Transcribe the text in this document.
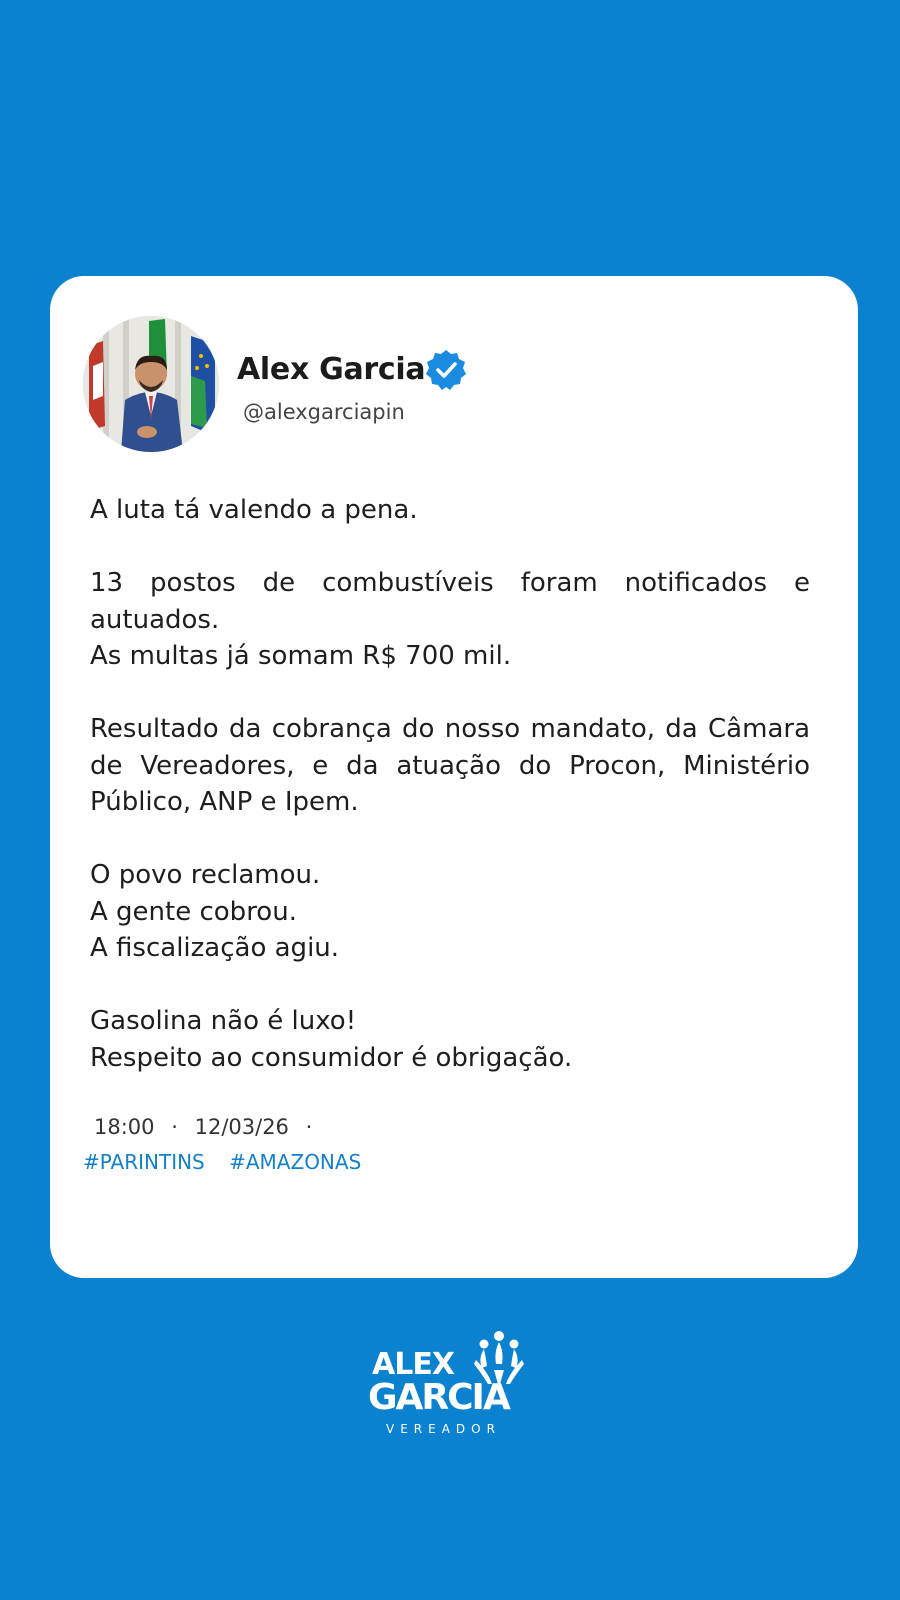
Alex Garcia
@alexgarciapin

A luta tá valendo a pena.

13 postos de combustíveis foram notificados e autuados.
As multas já somam R$ 700 mil.

Resultado da cobrança do nosso mandato, da Câmara de Vereadores, e da atuação do Procon, Ministério Público, ANP e Ipem.

O povo reclamou.
A gente cobrou.
A fiscalização agiu.

Gasolina não é luxo!
Respeito ao consumidor é obrigação.

18:00 · 12/03/26 ·
#PARINTINS #AMAZONAS
ALEX
GARCIA
VEREADOR
